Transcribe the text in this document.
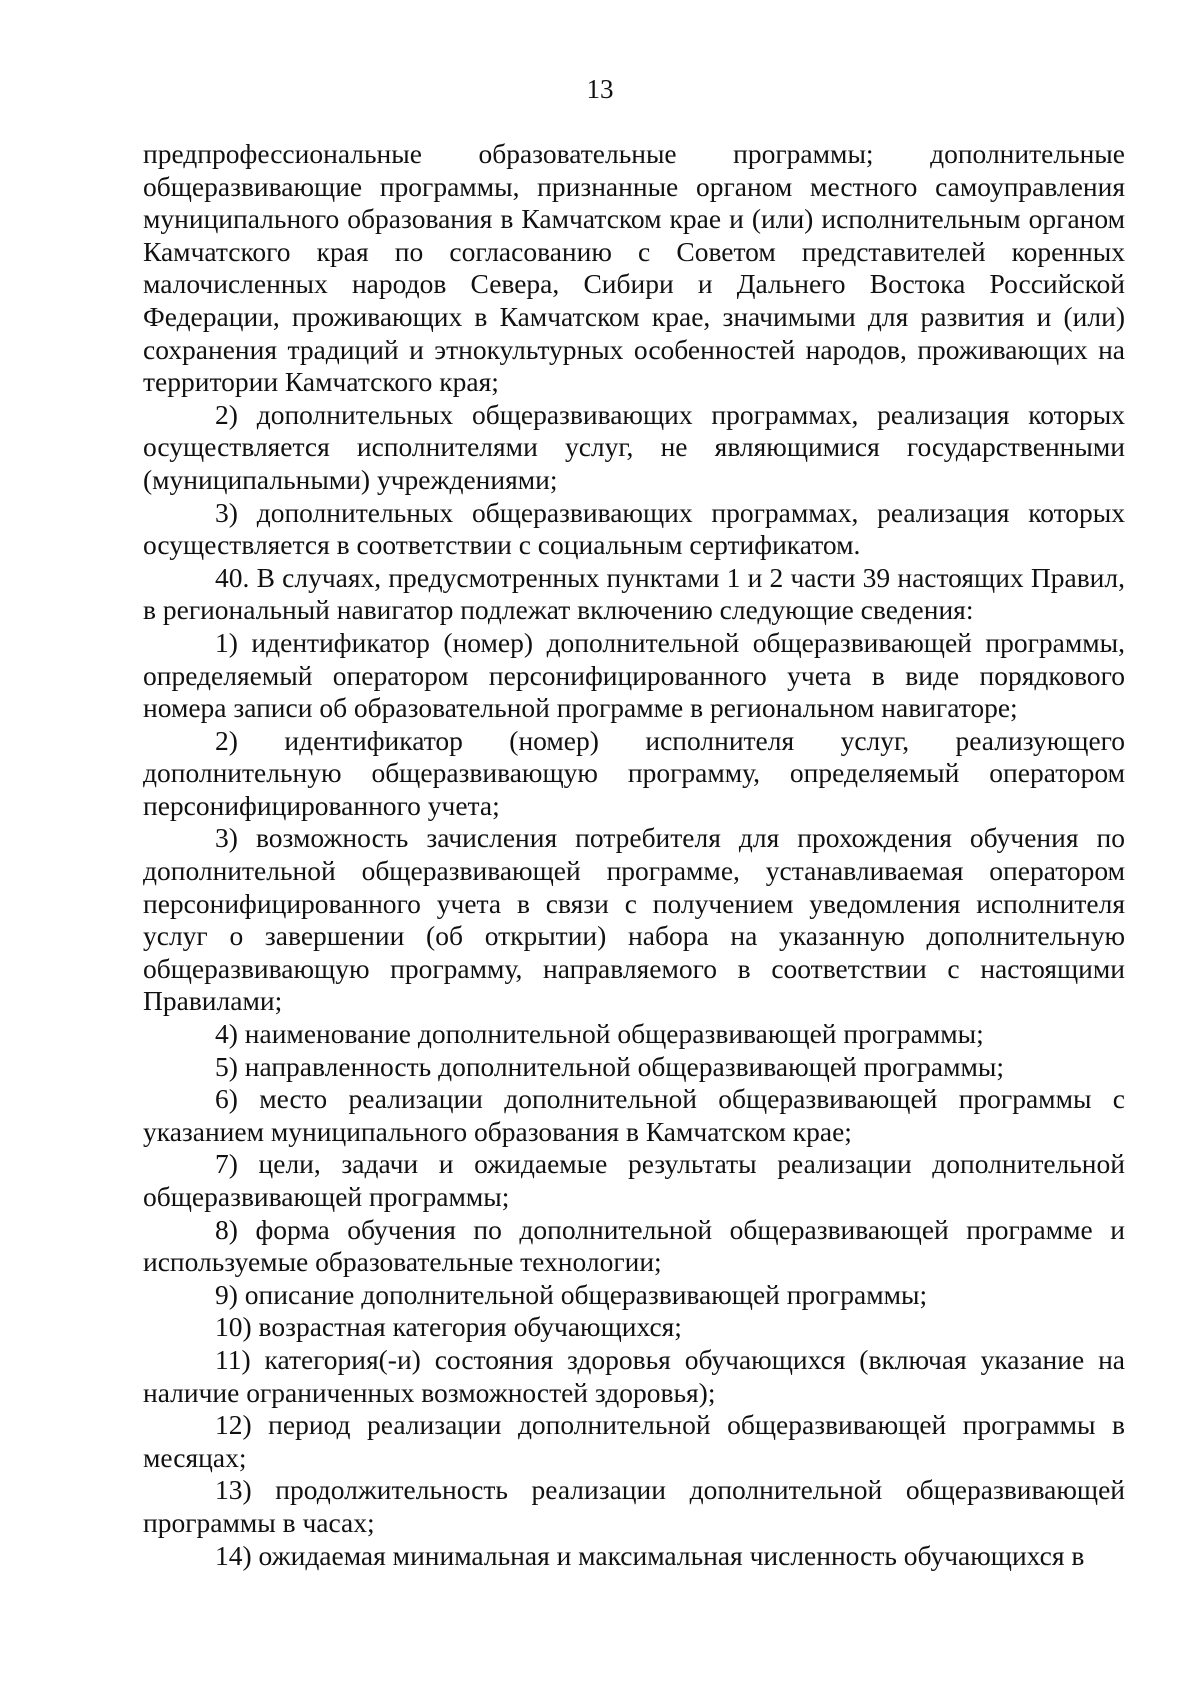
13

предпрофессиональные образовательные программы; дополнительные общеразвивающие программы, признанные органом местного самоуправления муниципального образования в Камчатском крае и (или) исполнительным органом Камчатского края по согласованию с Советом представителей коренных малочисленных народов Севера, Сибири и Дальнего Востока Российской Федерации, проживающих в Камчатском крае, значимыми для развития и (или) сохранения традиций и этнокультурных особенностей народов, проживающих на территории Камчатского края;

2) дополнительных общеразвивающих программах, реализация которых осуществляется исполнителями услуг, не являющимися государственными (муниципальными) учреждениями;

3) дополнительных общеразвивающих программах, реализация которых осуществляется в соответствии с социальным сертификатом.

40. В случаях, предусмотренных пунктами 1 и 2 части 39 настоящих Правил, в региональный навигатор подлежат включению следующие сведения:

1) идентификатор (номер) дополнительной общеразвивающей программы, определяемый оператором персонифицированного учета в виде порядкового номера записи об образовательной программе в региональном навигаторе;

2) идентификатор (номер) исполнителя услуг, реализующего дополнительную общеразвивающую программу, определяемый оператором персонифицированного учета;

3) возможность зачисления потребителя для прохождения обучения по дополнительной общеразвивающей программе, устанавливаемая оператором персонифицированного учета в связи с получением уведомления исполнителя услуг о завершении (об открытии) набора на указанную дополнительную общеразвивающую программу, направляемого в соответствии с настоящими Правилами;

4) наименование дополнительной общеразвивающей программы;

5) направленность дополнительной общеразвивающей программы;

6) место реализации дополнительной общеразвивающей программы с указанием муниципального образования в Камчатском крае;

7) цели, задачи и ожидаемые результаты реализации дополнительной общеразвивающей программы;

8) форма обучения по дополнительной общеразвивающей программе и используемые образовательные технологии;

9) описание дополнительной общеразвивающей программы;

10) возрастная категория обучающихся;

11) категория(-и) состояния здоровья обучающихся (включая указание на наличие ограниченных возможностей здоровья);

12) период реализации дополнительной общеразвивающей программы в месяцах;

13) продолжительность реализации дополнительной общеразвивающей программы в часах;

14) ожидаемая минимальная и максимальная численность обучающихся в
